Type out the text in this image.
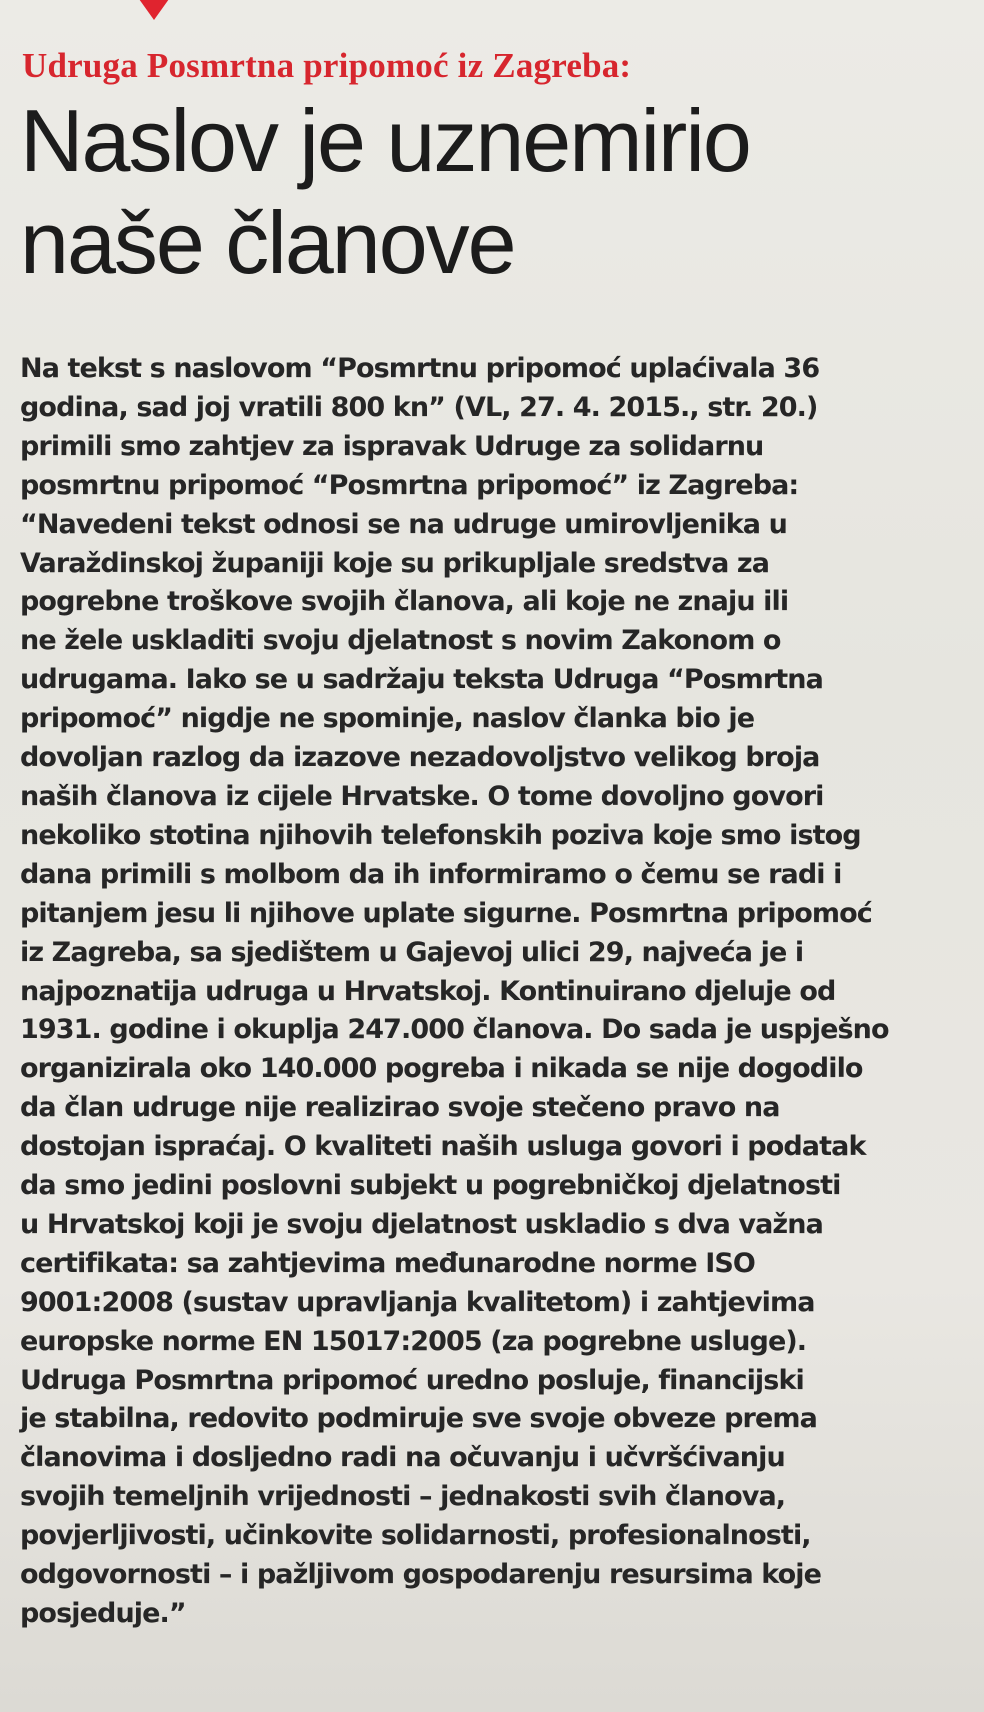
Udruga Posmrtna pripomoć iz Zagreba:
Naslov je uznemirio
naše članove
Na tekst s naslovom “Posmrtnu pripomoć uplaćivala 36
godina, sad joj vratili 800 kn” (VL, 27. 4. 2015., str. 20.)
primili smo zahtjev za ispravak Udruge za solidarnu
posmrtnu pripomoć “Posmrtna pripomoć” iz Zagreba:
“Navedeni tekst odnosi se na udruge umirovljenika u
Varaždinskoj županiji koje su prikupljale sredstva za
pogrebne troškove svojih članova, ali koje ne znaju ili
ne žele uskladiti svoju djelatnost s novim Zakonom o
udrugama. Iako se u sadržaju teksta Udruga “Posmrtna
pripomoć” nigdje ne spominje, naslov članka bio je
dovoljan razlog da izazove nezadovoljstvo velikog broja
naših članova iz cijele Hrvatske. O tome dovoljno govori
nekoliko stotina njihovih telefonskih poziva koje smo istog
dana primili s molbom da ih informiramo o čemu se radi i
pitanjem jesu li njihove uplate sigurne. Posmrtna pripomoć
iz Zagreba, sa sjedištem u Gajevoj ulici 29, najveća je i
najpoznatija udruga u Hrvatskoj. Kontinuirano djeluje od
1931. godine i okuplja 247.000 članova. Do sada je uspješno
organizirala oko 140.000 pogreba i nikada se nije dogodilo
da član udruge nije realizirao svoje stečeno pravo na
dostojan ispraćaj. O kvaliteti naših usluga govori i podatak
da smo jedini poslovni subjekt u pogrebničkoj djelatnosti
u Hrvatskoj koji je svoju djelatnost uskladio s dva važna
certifikata: sa zahtjevima međunarodne norme ISO
9001:2008 (sustav upravljanja kvalitetom) i zahtjevima
europske norme EN 15017:2005 (za pogrebne usluge).
Udruga Posmrtna pripomoć uredno posluje, financijski
je stabilna, redovito podmiruje sve svoje obveze prema
članovima i dosljedno radi na očuvanju i učvršćivanju
svojih temeljnih vrijednosti – jednakosti svih članova,
povjerljivosti, učinkovite solidarnosti, profesionalnosti,
odgovornosti – i pažljivom gospodarenju resursima koje
posjeduje.”
